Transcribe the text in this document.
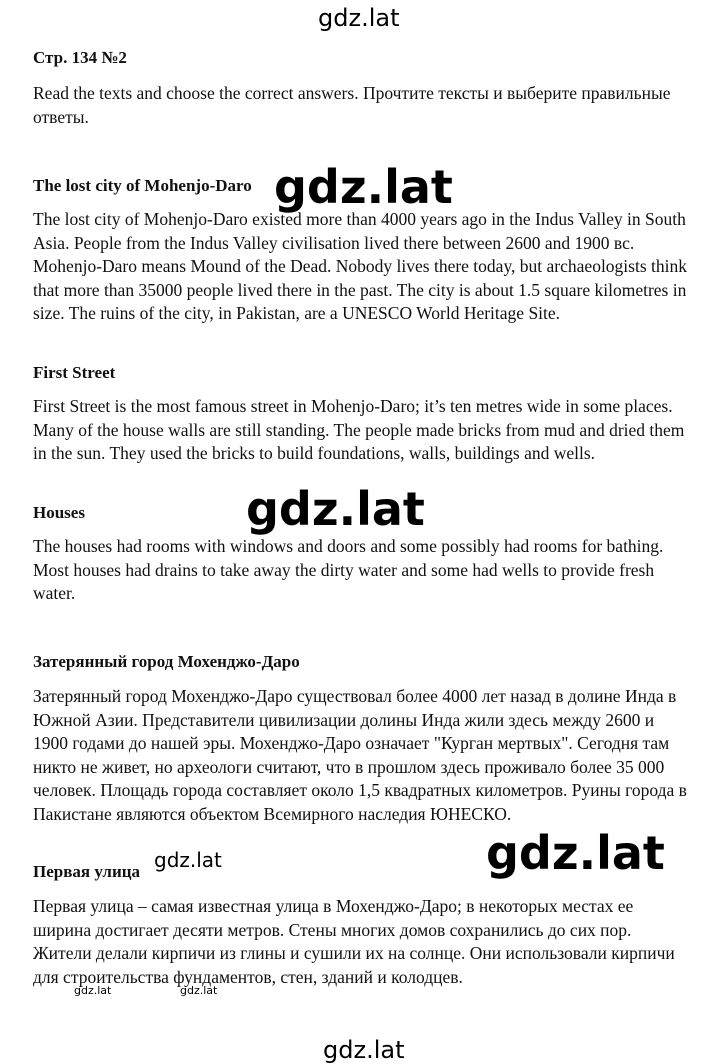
Стр. 134 №2

Read the texts and choose the correct answers. Прочтите тексты и выберите правильные ответы.

The lost city of Mohenjo-Daro

The lost city of Mohenjo-Daro existed more than 4000 years ago in the Indus Valley in South Asia. People from the Indus Valley civilisation lived there between 2600 and 1900 вс. Mohenjo-Daro means Mound of the Dead. Nobody lives there today, but archaeologists think that more than 35000 people lived there in the past. The city is about 1.5 square kilometres in size. The ruins of the city, in Pakistan, are a UNESCO World Heritage Site.

First Street

First Street is the most famous street in Mohenjo-Daro; it’s ten metres wide in some places. Many of the house walls are still standing. The people made bricks from mud and dried them in the sun. They used the bricks to build foundations, walls, buildings and wells.

Houses

The houses had rooms with windows and doors and some possibly had rooms for bathing. Most houses had drains to take away the dirty water and some had wells to provide fresh water.

Затерянный город Мохенджо-Даро

Затерянный город Мохенджо-Даро существовал более 4000 лет назад в долине Инда в Южной Азии. Представители цивилизации долины Инда жили здесь между 2600 и 1900 годами до нашей эры. Мохенджо-Даро означает "Курган мертвых". Сегодня там никто не живет, но археологи считают, что в прошлом здесь проживало более 35 000 человек. Площадь города составляет около 1,5 квадратных километров. Руины города в Пакистане являются объектом Всемирного наследия ЮНЕСКО.

Первая улица

Первая улица – самая известная улица в Мохенджо-Даро; в некоторых местах ее ширина достигает десяти метров. Стены многих домов сохранились до сих пор. Жители делали кирпичи из глины и сушили их на солнце. Они использовали кирпичи для строительства фундаментов, стен, зданий и колодцев.

gdz.lat
gdz.lat
gdz.lat
gdz.lat
gdz.lat
gdz.lat	gdz.lat
gdz.lat
